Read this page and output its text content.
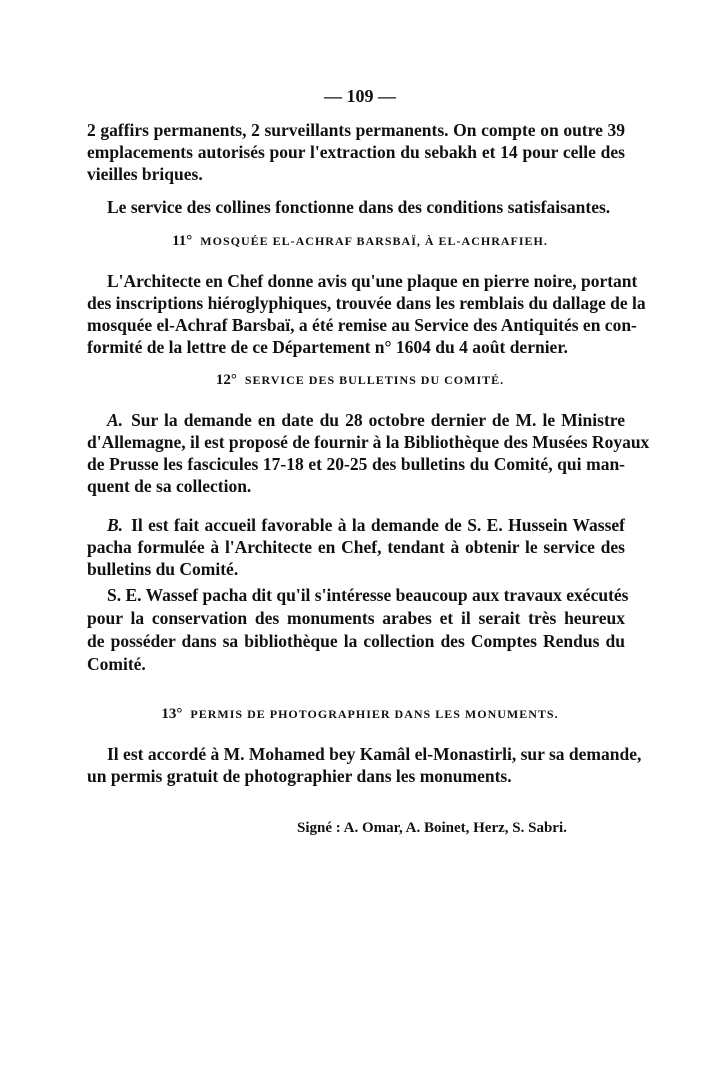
— 109 —
2 gaffirs permanents, 2 surveillants permanents. On compte on outre 39
emplacements autorisés pour l'extraction du sebakh et 14 pour celle des
vieilles briques.
Le service des collines fonctionne dans des conditions satisfaisantes.
11° MOSQUÉE EL-ACHRAF BARSBAÏ, À EL-ACHRAFIEH.
L'Architecte en Chef donne avis qu'une plaque en pierre noire, portant
des inscriptions hiéroglyphiques, trouvée dans les remblais du dallage de la
mosquée el-Achraf Barsbaï, a été remise au Service des Antiquités en con-
formité de la lettre de ce Département n° 1604 du 4 août dernier.
12° SERVICE DES BULLETINS DU COMITÉ.
A. Sur la demande en date du 28 octobre dernier de M. le Ministre
d'Allemagne, il est proposé de fournir à la Bibliothèque des Musées Royaux
de Prusse les fascicules 17-18 et 20-25 des bulletins du Comité, qui man-
quent de sa collection.
B. Il est fait accueil favorable à la demande de S. E. Hussein Wassef
pacha formulée à l'Architecte en Chef, tendant à obtenir le service des
bulletins du Comité.
S. E. Wassef pacha dit qu'il s'intéresse beaucoup aux travaux exécutés
pour la conservation des monuments arabes et il serait très heureux
de posséder dans sa bibliothèque la collection des Comptes Rendus du
Comité.
13° PERMIS DE PHOTOGRAPHIER DANS LES MONUMENTS.
Il est accordé à M. Mohamed bey Kamâl el-Monastirli, sur sa demande,
un permis gratuit de photographier dans les monuments.
Signé : A. Omar, A. Boinet, Herz, S. Sabri.
